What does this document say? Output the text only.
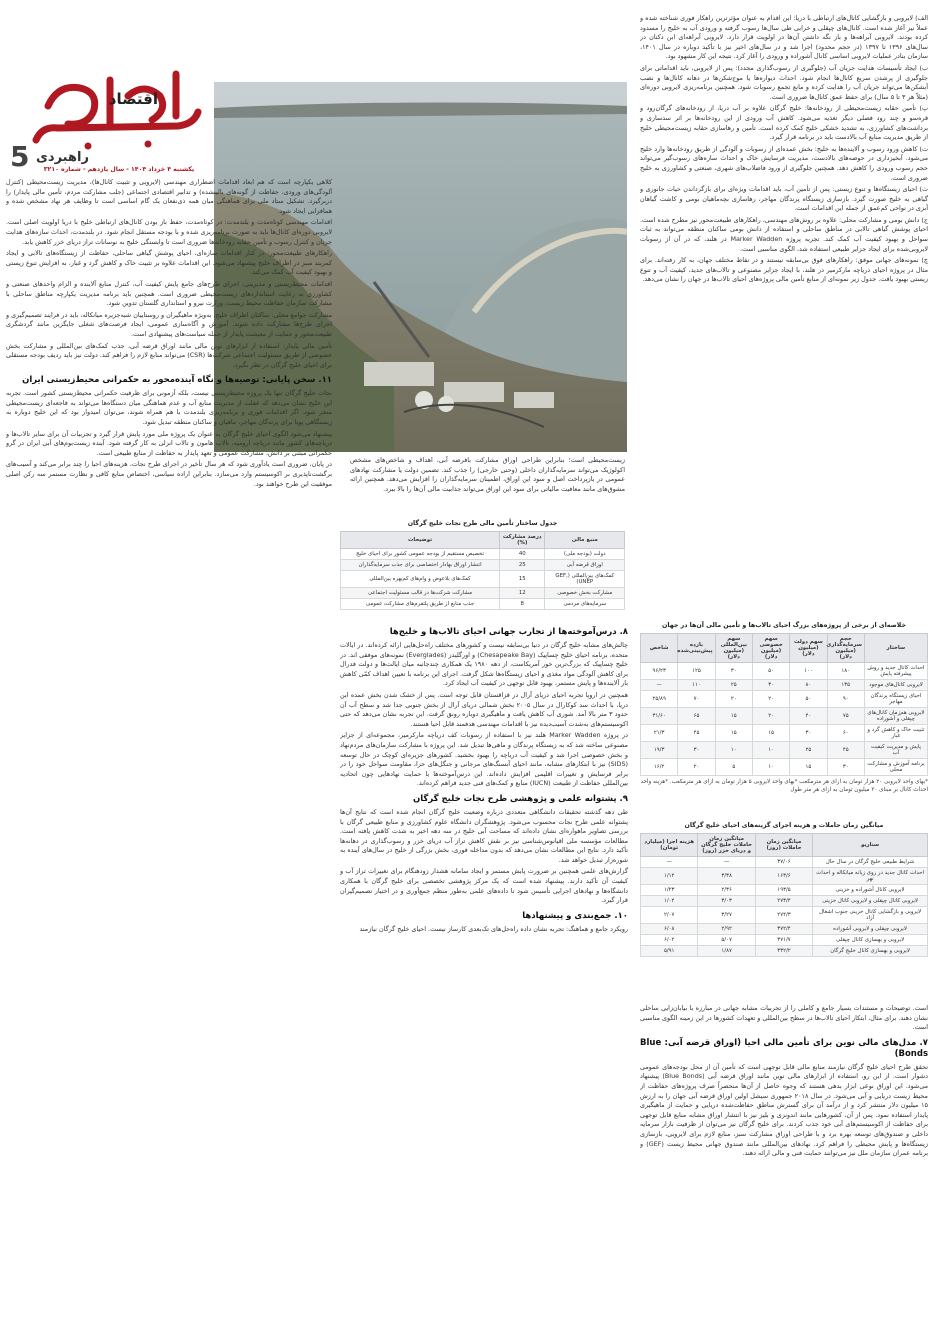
اقتصاد
یکشنبه ۴ خرداد ۱۴۰۴ - سال یازدهم - شماره ۳۲۱۰
راهبردی
5

الف) لایروبی و بازگشایی کانال‌های ارتباطی با دریا: این اقدام به عنوان مؤثرترین راهکار فوری شناخته شده و عملاً نیز آغاز شده است. کانال‌های چپقلی و خرابی طی سال‌ها رسوب گرفته و ورودی آب به خلیج را مسدود کرده بودند. لایروبی آبراهه‌ها و باز نگه داشتن آن‌ها در اولویت قرار دارد. لایروبی آبراهه‌ای ابن دکتان در سال‌های ۱۳۹۶ تا ۱۳۹۷ (در حجم محدود) اجرا شد و در سال‌های اخیر نیز با تأکید دوباره در سال ۱۴۰۱، سازمان بنادر عملیات لایروبی اساسی کانال آشوراده و ورودی را آغاز کرد. نتیجه این کار مشهود بود.

ب) ایجاد تأسیسات هدایت جریان آب (جلوگیری از رسوب‌گذاری مجدد): پس از لایروبی، باید اقداماتی برای جلوگیری از پرشدن سریع کانال‌ها انجام شود. احداث دیواره‌ها یا موج‌شکن‌ها در دهانه کانال‌ها و نصب آبشکن‌ها می‌تواند جریان آب را هدایت کرده و مانع تجمع رسوبات شود. همچنین برنامه‌ریزی لایروبی دوره‌ای (مثلاً هر ۳ تا ۵ سال) برای حفظ عمق کانال‌ها ضروری است.

پ) تأمین حقابه زیست‌محیطی از رودخانه‌ها: خلیج گرگان علاوه بر آب دریا، از رودخانه‌های گرگان‌رود و قره‌سو و چند رود فصلی دیگر تغذیه می‌شود. کاهش آب ورودی از این رودخانه‌ها بر اثر سدسازی و برداشت‌های کشاورزی، به تشدید خشکی خلیج کمک کرده است. تأمین و رهاسازی حقابه زیست‌محیطی خلیج از طریق مدیریت منابع آب بالادست باید در برنامه قرار گیرد.

ت) کاهش ورود رسوب و آلاینده‌ها به خلیج: بخش عمده‌ای از رسوبات و آلودگی از طریق رودخانه‌ها وارد خلیج می‌شود. آبخیزداری در حوضه‌های بالادست، مدیریت فرسایش خاک و احداث سازه‌های رسوب‌گیر می‌تواند حجم رسوب ورودی را کاهش دهد. همچنین جلوگیری از ورود فاضلاب‌های شهری، صنعتی و کشاورزی به خلیج ضروری است.

ث) احیای زیستگاه‌ها و تنوع زیستی: پس از تأمین آب، باید اقدامات ویژه‌ای برای بازگرداندن حیات جانوری و گیاهی به خلیج صورت گیرد. بازسازی زیستگاه پرندگان مهاجر، رهاسازی بچه‌ماهیان بومی و کاشت گیاهان آبزی در نواحی کم‌عمق از جمله این اقدامات است.

ج) دانش بومی و مشارکت محلی: علاوه بر روش‌های مهندسی، راهکارهای طبیعت‌محور نیز مطرح شده است. احیای پوشش گیاهی تالابی در مناطق ساحلی و استفاده از دانش بومی ساکنان منطقه می‌تواند به ثبات سواحل و بهبود کیفیت آب کمک کند. تجربه پروژه Marker Wadden در هلند، که در آن از رسوبات لایروبی‌شده برای ایجاد جزایر طبیعی استفاده شد، الگوی مناسبی است.

چ) نمونه‌های جهانی موفق: راهکارهای فوق بی‌سابقه نیستند و در نقاط مختلف جهان، به کار رفته‌اند. برای مثال در پروژه احیای دریاچه مارکرمیر در هلند، با ایجاد جزایر مصنوعی و تالاب‌های جدید، کیفیت آب و تنوع زیستی بهبود یافت. جدول زیر نمونه‌ای از منابع تأمین مالی پروژه‌های احیای تالاب‌ها در جهان را نشان می‌دهد.

خلاصه‌ای از برخی از پروژه‌های بزرگ احیای تالاب‌ها و تأمین مالی آن‌ها در جهان
ساختار	حجم سرمایه‌گذاری (میلیون دلار)	سهم دولت (میلیون دلار)	سهم خصوصی (میلیون دلار)	سهم بین‌المللی (میلیون دلار)	بازده پیش‌بینی‌شده	شاخص
احداث کانال جدید و روش پیشرفته پایش	۱۸۰	۱۰۰	۵۰	۳۰	۱۲۵	۹۶/۲۳
لایروبی کانال‌های موجود	۱۳۵	۸۰	۳۰	۲۵	۱۱۰	—
احیای زیستگاه پرندگان مهاجر	۹۰	۵۰	۲۰	۲۰	۷۰	۲۵/۸۹
لایروبی هم‌زمان کانال‌های چپقلی و آشوراده	۷۵	۴۰	۲۰	۱۵	۶۵	۳۱/۶۰
تثبیت خاک و کاهش گرد و غبار	۶۰	۳۰	۱۵	۱۵	۴۵	۲۱/۳
پایش و مدیریت کیفیت آب	۴۵	۲۵	۱۰	۱۰	۳۰	۱۹/۳
برنامه آموزش و مشارکت محلی	۳۰	۱۵	۱۰	۵	۲۰	۱۶/۲
*بهای واحد لایروبی ۲۰ هزار تومان به ازای هر مترمکعب *بهای واحد لایروبی ۵ هزار تومان به ازای هر مترمکعب. *هزینه واحد احداث کانال بر مبنای ۳۰ میلیون تومان به ازای هر متر طول
میانگین زمان حاملات و هزینه اجرای گزینه‌های احیای خلیج گرگان
سناریو	میانگین زمان حاملات (روز)	میانگین زمان حاملات خلیج گرگان و دریای خزر (روز)	هزینه اجرا (میلیارد تومان)
شرایط طبیعی خلیج گرگان در سال حال	۳۷/۰۶	—	—
احداث کانال جدید در روی زبانه میانکاله و احداث نهر	۱۶۳/۶	۳/۳۸	۱/۱۴
لایروبی کانال آشوراده و خزینی	۱۹۳/۵	۲/۳۶	۱/۲۳
لایروبی کانال چپقلی و لایروبی کانال خزینی	۲۷۳/۴	۳/۰۳	۱/۰۴
لایروبی و بازگشایی کانال خزینی جنوب اشغال آزاد	۲۷۴/۳	۳/۲۷	۲/۰۷
لایروبی چپقلی و لایروبی آشوراده	۳۷۲/۴	۲/۹۲	۶/۰۸
لایروبی و بهسازی کانال چپقلی	۳۷۱/۷	۵/۰۷	۶/۰۲
لایروبی و بهسازی کانال خلیج گرگان	۳۳۲/۲	۱/۸۷	۵/۹۱

است. توضیحات و مستندات بسیار جامع و کاملی را از تجربیات مشابه جهانی در مبارزه با بیابان‌زایی ساحلی نشان دهند. برای مثال، ابتکار احیای تالاب‌ها در سطح بین‌المللی و تعهدات کشورها در این زمینه الگوی مناسبی است.

۷. مدل‌های مالی نوین برای تأمین مالی احیا (اوراق قرضه آبی: Blue Bonds)

تحقق طرح احیای خلیج گرگان نیازمند منابع مالی قابل توجهی است که تأمین آن از محل بودجه‌های عمومی دشوار است. از این رو، استفاده از ابزارهای مالی نوین مانند اوراق قرضه آبی (Blue Bonds) پیشنهاد می‌شود. این اوراق نوعی ابزار بدهی هستند که وجوه حاصل از آن‌ها منحصراً صرف پروژه‌های حفاظت از محیط زیست دریایی و آبی می‌شود. در سال ۲۰۱۸ جمهوری سیشل اولین اوراق قرضه آبی جهان را به ارزش ۱۵ میلیون دلار منتشر کرد و از درآمد آن برای گسترش مناطق حفاظت‌شده دریایی و حمایت از ماهیگیری پایدار استفاده نمود. پس از آن، کشورهایی مانند اندونزی و بلیز نیز با انتشار اوراق مشابه منابع قابل توجهی برای حفاظت از اکوسیستم‌های آبی خود جذب کردند. برای خلیج گرگان نیز می‌توان از ظرفیت بازار سرمایه داخلی و صندوق‌های توسعه بهره برد و با طراحی اوراق مشارکت سبز، منابع لازم برای لایروبی، بازسازی زیستگاه‌ها و پایش محیطی را فراهم کرد. نهادهای بین‌المللی مانند صندوق جهانی محیط زیست (GEF) و برنامه عمران سازمان ملل نیز می‌توانند حمایت فنی و مالی ارائه دهند.

جدول ساختار تأمین مالی طرح نجات خلیج گرگان
منبع مالی	درصد مشارکت (%)	توضیحات
دولت (بودجه ملی)	40	تخصیص مستقیم از بودجه عمومی کشور برای احیای خلیج
اوراق قرضه آبی	25	انتشار اوراق بهادار اختصاصی برای جذب سرمایه‌گذاران
کمک‌های بین‌المللی (GEF, UNEP)	15	کمک‌های بلاعوض و وام‌های کم‌بهره بین‌المللی
مشارکت بخش خصوصی	12	مشارکت شرکت‌ها در قالب مسئولیت اجتماعی
سرمایه‌های مردمی	8	جذب منابع از طریق پلتفرم‌های مشارکت عمومی
زیست‌محیطی است؛ بنابراین طراحی اوراق مشارکت بافرضه آبی، اهداف و شاخص‌های مشخص اکولوژیک می‌تواند سرمایه‌گذاران داخلی (وحتی خارجی) را جذب کند. تضمین دولت یا مشارکت نهادهای عمومی در بازپرداخت اصل و سود این اوراق، اطمینان سرمایه‌گذاران را افزایش می‌دهد. همچنین ارائه مشوق‌های مانند معافیت مالیاتی برای سود این اوراق می‌تواند جذابیت مالی آن‌ها را بالا ببرد.
۸. درس‌آموخته‌ها از تجارب جهانی احیای تالاب‌ها و خلیج‌ها

چالش‌های مشابه خلیج گرگان در دنیا بی‌سابقه نیست و کشورهای مختلف راه‌حل‌هایی ارائه کرده‌اند. در ایالات متحده، برنامه احیای خلیج چساپیک (Chesapeake Bay) و اورگلیدز (Everglades) نمونه‌های موفقی اند. در خلیج چساپیک که بزرگ‌ترین خور آمریکاست، از دهه ۱۹۸۰ یک همکاری چندجانبه میان ایالت‌ها و دولت فدرال برای کاهش آلودگی مواد مغذی و احیای زیستگاه‌ها شکل گرفت. اجرای این برنامه با تعیین اهداف کمّی کاهش بار آلاینده‌ها و پایش مستمر، بهبود قابل توجهی در کیفیت آب ایجاد کرد.

همچنین در اروپا تجربه احیای دریای آرال در قزاقستان قابل توجه است. پس از خشک شدن بخش عمده این دریا، با احداث سد کوکارال در سال ۲۰۰۵ بخش شمالی دریای آرال از بخش جنوبی جدا شد و سطح آب آن حدود ۳ متر بالا آمد. شوری آب کاهش یافت و ماهیگیری دوباره رونق گرفت. این تجربه نشان می‌دهد که حتی اکوسیستم‌های به‌شدت آسیب‌دیده نیز با اقدامات مهندسی هدفمند قابل احیا هستند.

در پروژه Marker Wadden هلند نیز با استفاده از رسوبات کف دریاچه مارکرمیر، مجموعه‌ای از جزایر مصنوعی ساخته شد که به زیستگاه پرندگان و ماهی‌ها تبدیل شد. این پروژه با مشارکت سازمان‌های مردم‌نهاد و بخش خصوصی اجرا شد و کیفیت آب دریاچه را بهبود بخشید. کشورهای جزیره‌ای کوچک در حال توسعه (SIDS) نیز با ابتکارهای مشابه، مانند احیای آبسنگ‌های مرجانی و جنگل‌های حرا، مقاومت سواحل خود را در برابر فرسایش و تغییرات اقلیمی افزایش داده‌اند. این درس‌آموخته‌ها با حمایت نهادهایی چون اتحادیه بین‌المللی حفاظت از طبیعت (IUCN) منابع و کمک‌های فنی جدید فراهم کرده‌اند.

۹. پشتوانه علمی و پژوهشی طرح نجات خلیج گرگان

طی دهه گذشته تحقیقات دانشگاهی متعددی درباره وضعیت خلیج گرگان انجام شده است که نتایج آن‌ها پشتوانه علمی طرح نجات محسوب می‌شود. پژوهشگران دانشگاه علوم کشاورزی و منابع طبیعی گرگان با بررسی تصاویر ماهواره‌ای نشان داده‌اند که مساحت آبی خلیج در سه دهه اخیر به شدت کاهش یافته است. مطالعات مؤسسه ملی اقیانوس‌شناسی نیز بر نقش کاهش تراز آب دریای خزر و رسوب‌گذاری در دهانه‌ها تأکید دارد. نتایج این مطالعات نشان می‌دهد که بدون مداخله فوری، بخش بزرگی از خلیج در سال‌های آینده به شوره‌زار تبدیل خواهد شد.

گزارش‌های علمی همچنین بر ضرورت پایش مستمر و ایجاد سامانه هشدار زودهنگام برای تغییرات تراز آب و کیفیت آن تأکید دارند. پیشنهاد شده است که یک مرکز پژوهشی تخصصی برای خلیج گرگان با همکاری دانشگاه‌ها و نهادهای اجرایی تأسیس شود تا داده‌های علمی به‌طور منظم جمع‌آوری و در اختیار تصمیم‌گیران قرار گیرد.

۱۰. جمع‌بندی و پیشنهادها

رویکرد جامع و هماهنگ: تجربه نشان داده راه‌حل‌های تک‌بعدی کارساز نیست. احیای خلیج گرگان نیازمند

کلاهی یکپارچه است که هم ابعاد اقدامات اضطراری مهندسی (لایروبی و تثبیت کانال‌ها)، مدیریت زیست‌محیطی (کنترل آلودگی‌های ورودی، حفاظت از گونه‌های بالینشده) و تدابیر اقتصادی اجتماعی (جلب مشارکت مردم، تأمین مالی پایدار) را دربرگیرد. تشکیل ستاد ملی برای هماهنگی میان همه ذی‌نفعان یک گام اساسی است تا وظایف هر نهاد مشخص شده و همافزایی ایجاد شود.

اقدامات مهندسی کوتاه‌مدت و بلندمدت: در کوتاه‌مدت، حفظ باز بودن کانال‌های ارتباطی خلیج با دریا اولویت اصلی است. لایروبی دوره‌ای کانال‌ها باید به صورت برنامه‌ریزی شده و با بودجه مستقل انجام شود. در بلندمدت، احداث سازه‌های هدایت جریان و کنترل رسوب و تأمین حقابه رودخانه‌ها ضروری است تا وابستگی خلیج به نوسانات تراز دریای خزر کاهش یابد.

راهکارهای طبیعت‌محور: در کنار اقدامات سازه‌ای، احیای پوشش گیاهی ساحلی، حفاظت از زیستگاه‌های تالابی و ایجاد کمربند سبز در اطراف خلیج پیشنهاد می‌شود. این اقدامات علاوه بر تثبیت خاک و کاهش گرد و غبار، به افزایش تنوع زیستی و بهبود کیفیت آب کمک می‌کند.

اقدامات محیط‌زیستی و مدیریتی: اجرای طرح‌های جامع پایش کیفیت آب، کنترل منابع آلاینده و الزام واحدهای صنعتی و کشاورزی به رعایت استانداردهای زیست‌محیطی ضروری است. همچنین باید برنامه مدیریت یکپارچه مناطق ساحلی با مشارکت سازمان حفاظت محیط زیست، وزارت نیرو و استانداری گلستان تدوین شود.

مشارکت جوامع محلی: ساکنان اطراف خلیج، به‌ویژه ماهیگیران و روستاییان شبه‌جزیره میانکاله، باید در فرایند تصمیم‌گیری و اجرای طرح‌ها مشارکت داده شوند. آموزش و آگاه‌سازی عمومی، ایجاد فرصت‌های شغلی جایگزین مانند گردشگری طبیعت‌محور و حمایت از معیشت پایدار از جمله سیاست‌های پیشنهادی است.

تأمین مالی پایدار: استفاده از ابزارهای نوین مالی مانند اوراق قرضه آبی، جذب کمک‌های بین‌المللی و مشارکت بخش خصوصی از طریق مسئولیت اجتماعی شرکت‌ها (CSR) می‌تواند منابع لازم را فراهم کند. دولت نیز باید ردیف بودجه مستقلی برای احیای خلیج گرگان در نظر بگیرد.

۱۱. سخن پایانی: توصیه‌ها و نگاه آینده‌محور به حکمرانی محیط‌زیستی ایران

نجات خلیج گرگان تنها یک پروژه محیط‌زیستی نیست، بلکه آزمونی برای ظرفیت حکمرانی محیط‌زیستی کشور است. تجربه این خلیج نشان می‌دهد که غفلت از مدیریت منابع آب و عدم هماهنگی میان دستگاه‌ها می‌تواند به فاجعه‌ای زیست‌محیطی منجر شود. اگر اقدامات فوری و برنامه‌ریزی بلندمدت با هم همراه شوند، می‌توان امیدوار بود که این خلیج دوباره به زیستگاهی پویا برای پرندگان مهاجر، ماهیان و ساکنان منطقه تبدیل شود.

پیشنهاد می‌شود الگوی احیای خلیج گرگان به عنوان یک پروژه ملی مورد پایش قرار گیرد و تجربیات آن برای سایر تالاب‌ها و دریاچه‌های کشور مانند دریاچه ارومیه، تالاب هامون و تالاب انزلی به کار گرفته شود. آینده زیست‌بوم‌های آبی ایران در گرو حکمرانی مبتنی بر دانش، مشارکت عمومی و تعهد پایدار به حفاظت از منابع طبیعی است.

در پایان، ضروری است یادآوری شود که هر سال تأخیر در اجرای طرح نجات، هزینه‌های احیا را چند برابر می‌کند و آسیب‌های برگشت‌ناپذیری بر اکوسیستم وارد می‌سازد. بنابراین اراده سیاسی، اختصاص منابع کافی و نظارت مستمر سه رکن اصلی موفقیت این طرح خواهند بود.
